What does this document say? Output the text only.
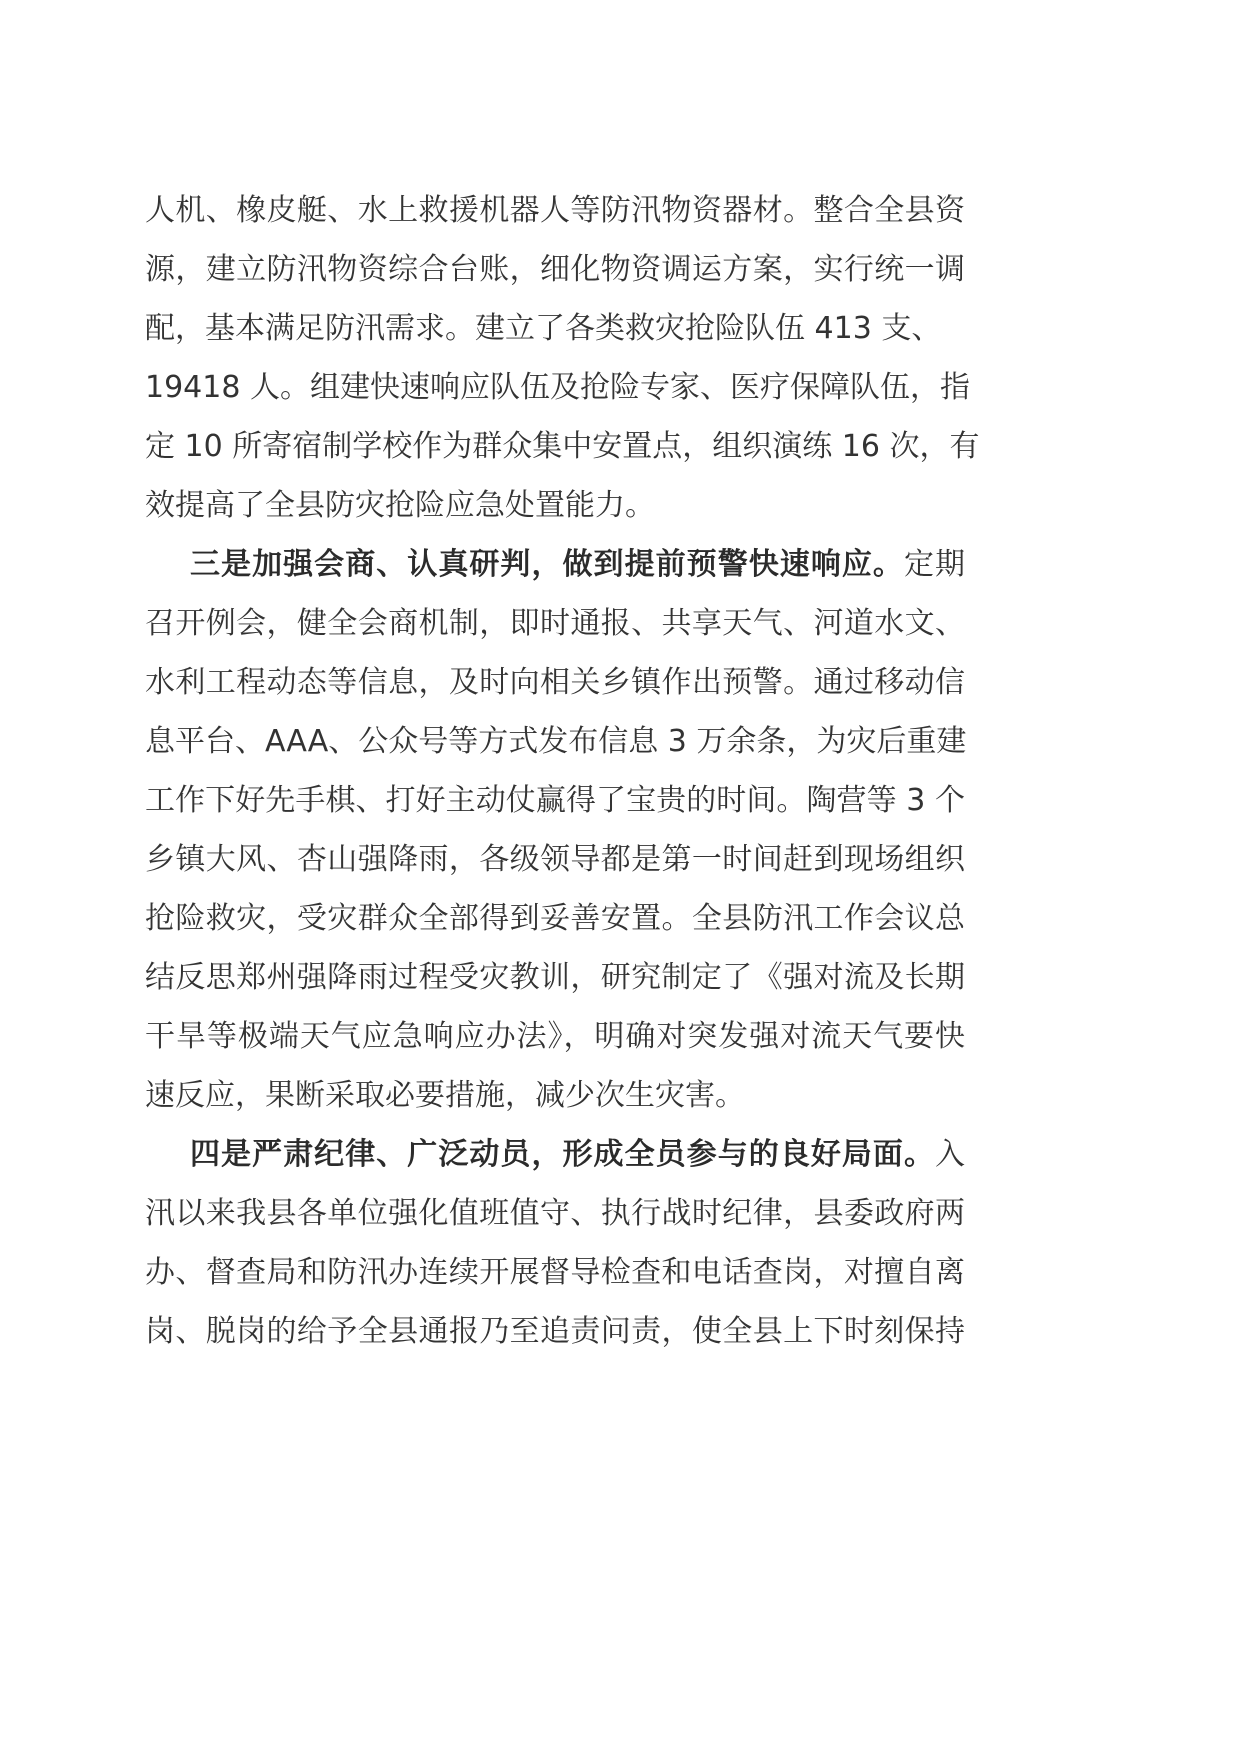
人机、橡皮艇、水上救援机器人等防汛物资器材。整合全县资
源，建立防汛物资综合台账，细化物资调运方案，实行统一调
配，基本满足防汛需求。建立了各类救灾抢险队伍 413 支、
19418 人。组建快速响应队伍及抢险专家、医疗保障队伍，指
定 10 所寄宿制学校作为群众集中安置点，组织演练 16 次，有
效提高了全县防灾抢险应急处置能力。
三是加强会商、认真研判，做到提前预警快速响应。定期
召开例会，健全会商机制，即时通报、共享天气、河道水文、
水利工程动态等信息，及时向相关乡镇作出预警。通过移动信
息平台、AAA、公众号等方式发布信息 3 万余条，为灾后重建
工作下好先手棋、打好主动仗赢得了宝贵的时间。陶营等 3 个
乡镇大风、杏山强降雨，各级领导都是第一时间赶到现场组织
抢险救灾，受灾群众全部得到妥善安置。全县防汛工作会议总
结反思郑州强降雨过程受灾教训，研究制定了《强对流及长期
干旱等极端天气应急响应办法》，明确对突发强对流天气要快
速反应，果断采取必要措施，减少次生灾害。
四是严肃纪律、广泛动员，形成全员参与的良好局面。入
汛以来我县各单位强化值班值守、执行战时纪律，县委政府两
办、督查局和防汛办连续开展督导检查和电话查岗，对擅自离
岗、脱岗的给予全县通报乃至追责问责，使全县上下时刻保持
